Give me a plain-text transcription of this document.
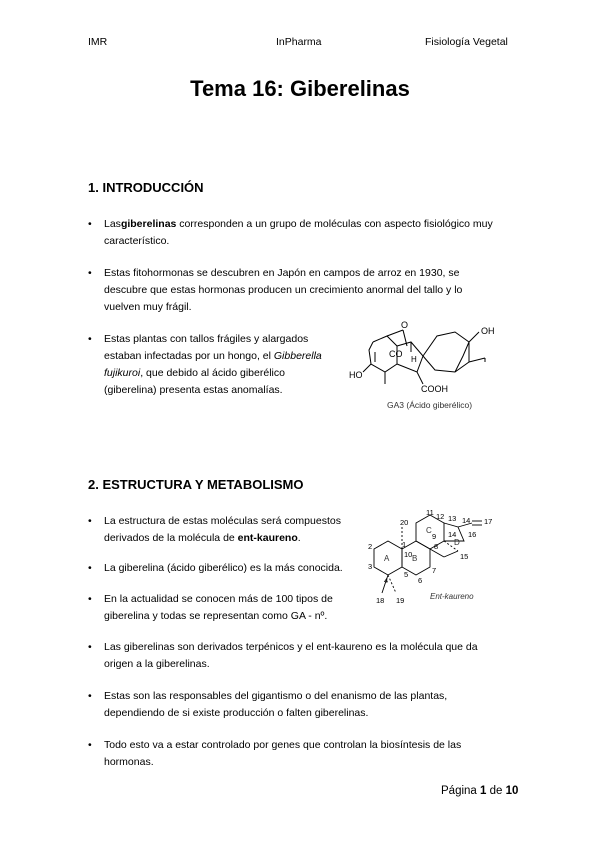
IMR	InPharma	Fisiología Vegetal
Tema 16: Giberelinas
1. INTRODUCCIÓN
• Lasgiberelinas corresponden a un grupo de moléculas con aspecto fisiológico muy
característico.
• Estas fitohormonas se descubren en Japón en campos de arroz en 1930, se
descubre que estas hormonas producen un crecimiento anormal del tallo y lo
vuelven muy frágil.
• Estas plantas con tallos frágiles y alargados
estaban infectadas por un hongo, el Gibberella
fujikuroi, que debido al ácido giberélico
(giberelina) presenta estas anomalías.
O
CO
OH
HO
H
COOH
GA3 (Ácido giberélico)
2. ESTRUCTURA Y METABOLISMO
• La estructura de estas moléculas será compuestos
derivados de la molécula de ent-kaureno.
• La giberelina (ácido giberélico) es la más conocida.
• En la actualidad se conocen más de 100 tipos de
giberelina y todas se representan como GA - nº.
• Las giberelinas son derivados terpénicos y el ent-kaureno es la molécula que da
origen a la giberelinas.
• Estas son las responsables del gigantismo o del enanismo de las plantas,
dependiendo de si existe producción o falten giberelinas.
• Todo esto va a estar controlado por genes que controlan la biosíntesis de las
hormonas.
20
11 12 13 14 17
16
14
15
1
2
3
4
5
6
7
8
9
10
18 19
A	B
C
D
Ent-kaureno
Página 1 de 10
